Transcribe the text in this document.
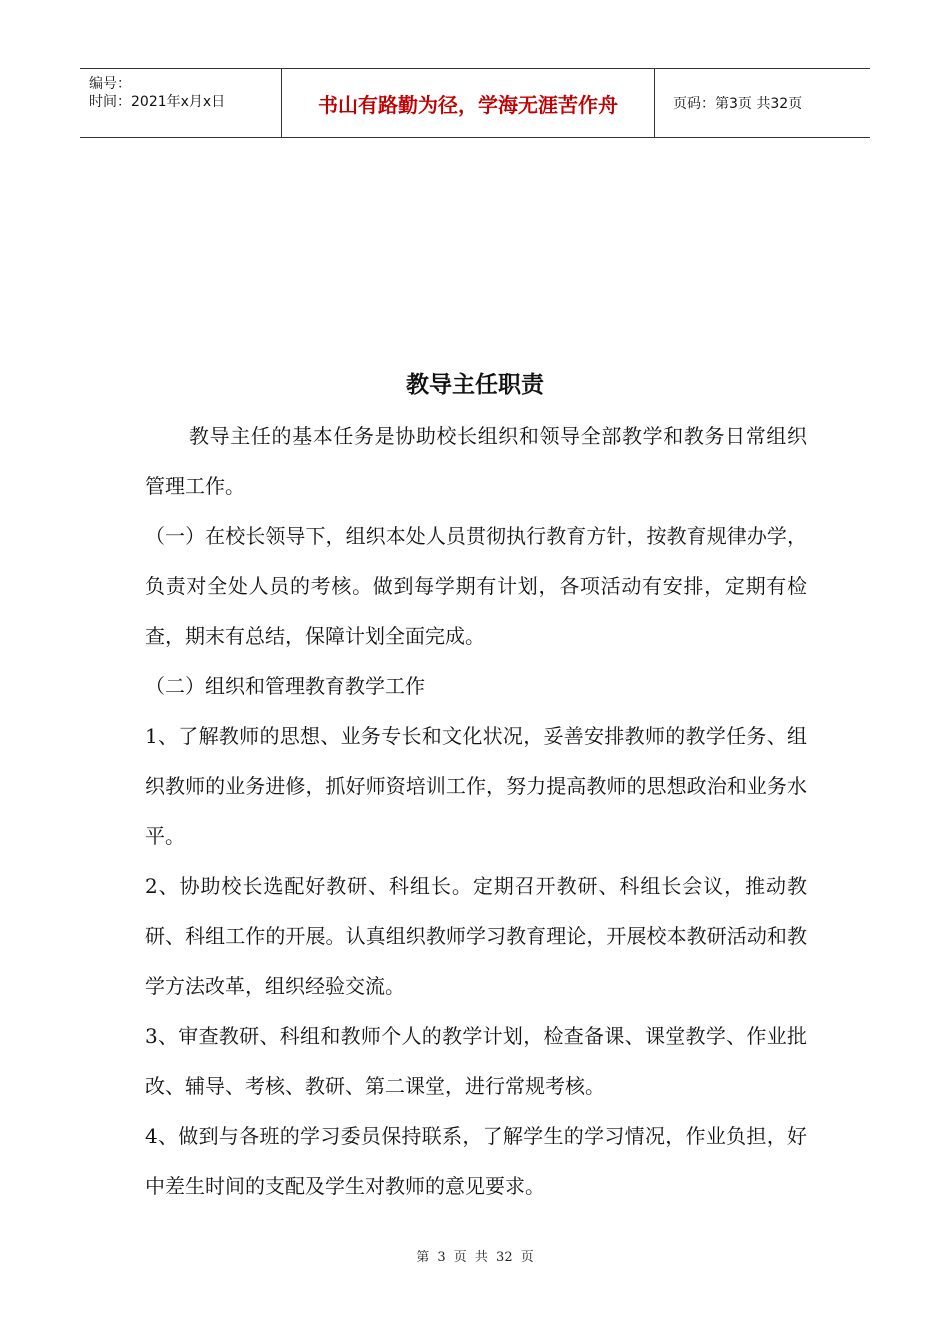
编号：
时间：2021年x月x日	书山有路勤为径，学海无涯苦作舟	页码：第3页 共32页
教导主任职责

教导主任的基本任务是协助校长组织和领导全部教学和教务日常组织管理工作。

（一）在校长领导下，组织本处人员贯彻执行教育方针，按教育规律办学，负责对全处人员的考核。做到每学期有计划，各项活动有安排，定期有检查，期末有总结，保障计划全面完成。

（二）组织和管理教育教学工作

1、了解教师的思想、业务专长和文化状况，妥善安排教师的教学任务、组织教师的业务进修，抓好师资培训工作，努力提高教师的思想政治和业务水平。

2、协助校长选配好教研、科组长。定期召开教研、科组长会议，推动教研、科组工作的开展。认真组织教师学习教育理论，开展校本教研活动和教学方法改革，组织经验交流。

3、审查教研、科组和教师个人的教学计划，检查备课、课堂教学、作业批改、辅导、考核、教研、第二课堂，进行常规考核。

4、做到与各班的学习委员保持联系，了解学生的学习情况，作业负担，好中差生时间的支配及学生对教师的意见要求。

第 3 页 共 32 页
